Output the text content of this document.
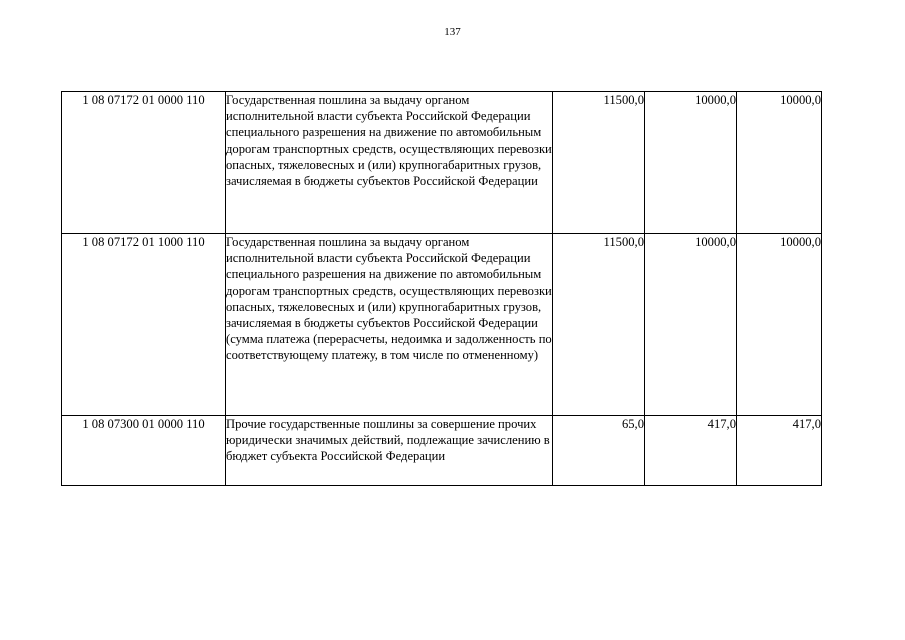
137
1 08 07172 01 0000 110	Государственная пошлина за выдачу органом исполнительной власти субъекта Российской Федерации специального разрешения на движение по автомобильным дорогам транспортных средств, осуществляющих перевозки опасных, тяжеловесных и (или) крупногабаритных грузов, зачисляемая в бюджеты субъектов Российской Федерации	11500,0	10000,0	10000,0
1 08 07172 01 1000 110	Государственная пошлина за выдачу органом исполнительной власти субъекта Российской Федерации специального разрешения на движение по автомобильным дорогам транспортных средств, осуществляющих перевозки опасных, тяжеловесных и (или) крупногабаритных грузов, зачисляемая в бюджеты субъектов Российской Федерации (сумма платежа (перерасчеты, недоимка и задолженность по соответствующему платежу, в том числе по отмененному)	11500,0	10000,0	10000,0
1 08 07300 01 0000 110	Прочие государственные пошлины за совершение прочих юридически значимых действий, подлежащие зачислению в бюджет субъекта Российской Федерации	65,0	417,0	417,0
